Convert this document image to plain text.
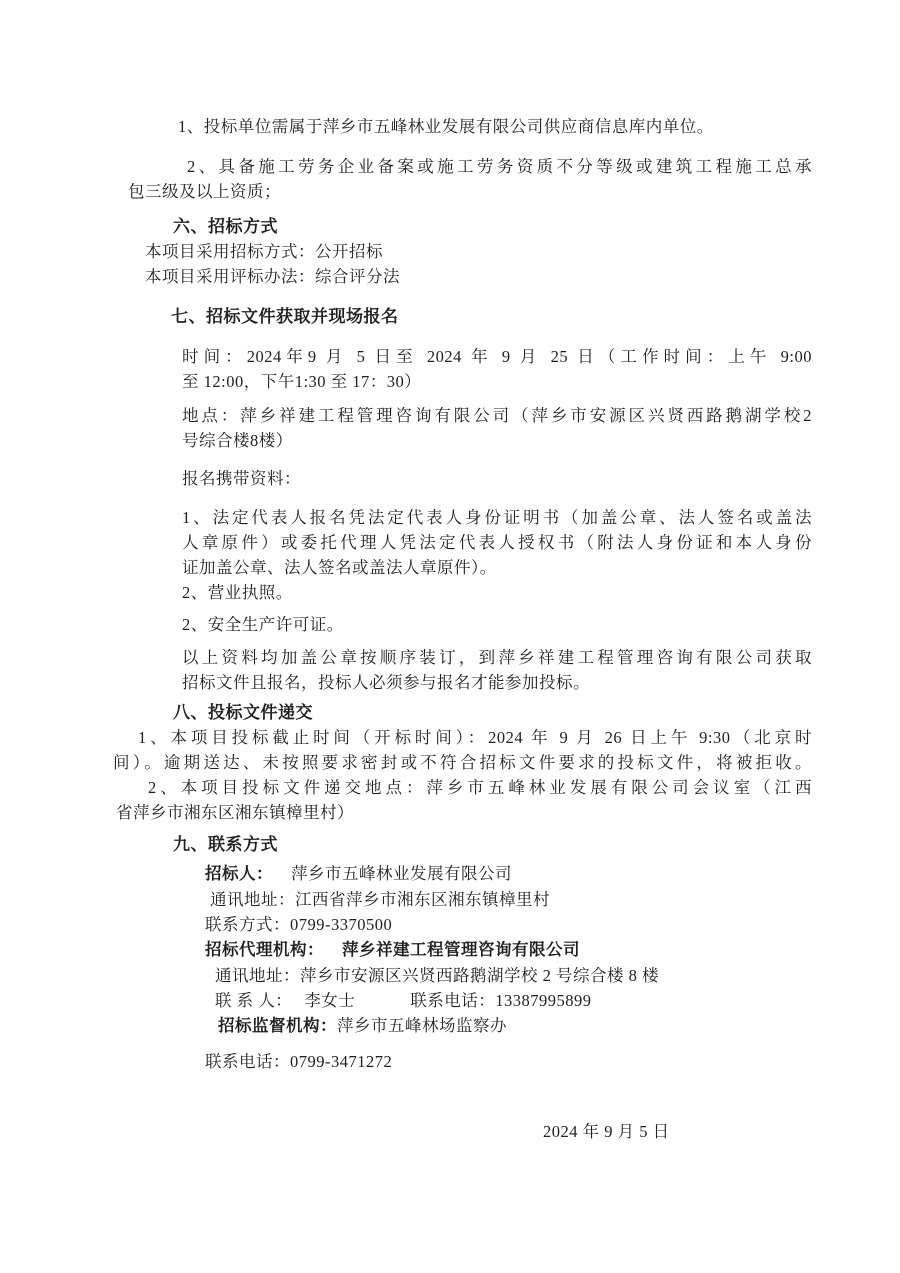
1、投标单位需属于萍乡市五峰林业发展有限公司供应商信息库内单位。
2、具备施工劳务企业备案或施工劳务资质不分等级或建筑工程施工总承
包三级及以上资质；
六、招标方式
本项目采用招标方式：公开招标
本项目采用评标办法：综合评分法
七、招标文件获取并现场报名
时间：2024年9 月 5 日至 2024 年 9 月 25 日（工作时间：上午 9:00
至 12:00，下午1:30 至 17：30）
地点：萍乡祥建工程管理咨询有限公司（萍乡市安源区兴贤西路鹅湖学校2
号综合楼8楼）
报名携带资料：
1、法定代表人报名凭法定代表人身份证明书（加盖公章、法人签名或盖法
人章原件）或委托代理人凭法定代表人授权书（附法人身份证和本人身份
证加盖公章、法人签名或盖法人章原件）。
2、营业执照。
2、安全生产许可证。
以上资料均加盖公章按顺序装订，到萍乡祥建工程管理咨询有限公司获取
招标文件且报名，投标人必须参与报名才能参加投标。
八、投标文件递交
1、本项目投标截止时间（开标时间）：2024 年 9 月 26 日上午 9:30（北京时
间）。逾期送达、未按照要求密封或不符合招标文件要求的投标文件，将被拒收。
2、本项目投标文件递交地点：萍乡市五峰林业发展有限公司会议室（江西
省萍乡市湘东区湘东镇樟里村）
九、联系方式
招标人： 萍乡市五峰林业发展有限公司
通讯地址：江西省萍乡市湘东区湘东镇樟里村
联系方式：0799-3370500
招标代理机构： 萍乡祥建工程管理咨询有限公司
通讯地址：萍乡市安源区兴贤西路鹅湖学校 2 号综合楼 8 楼
联 系 人： 李女士	联系电话：13387995899
招标监督机构：萍乡市五峰林场监察办
联系电话：0799-3471272
2024 年 9 月 5 日
